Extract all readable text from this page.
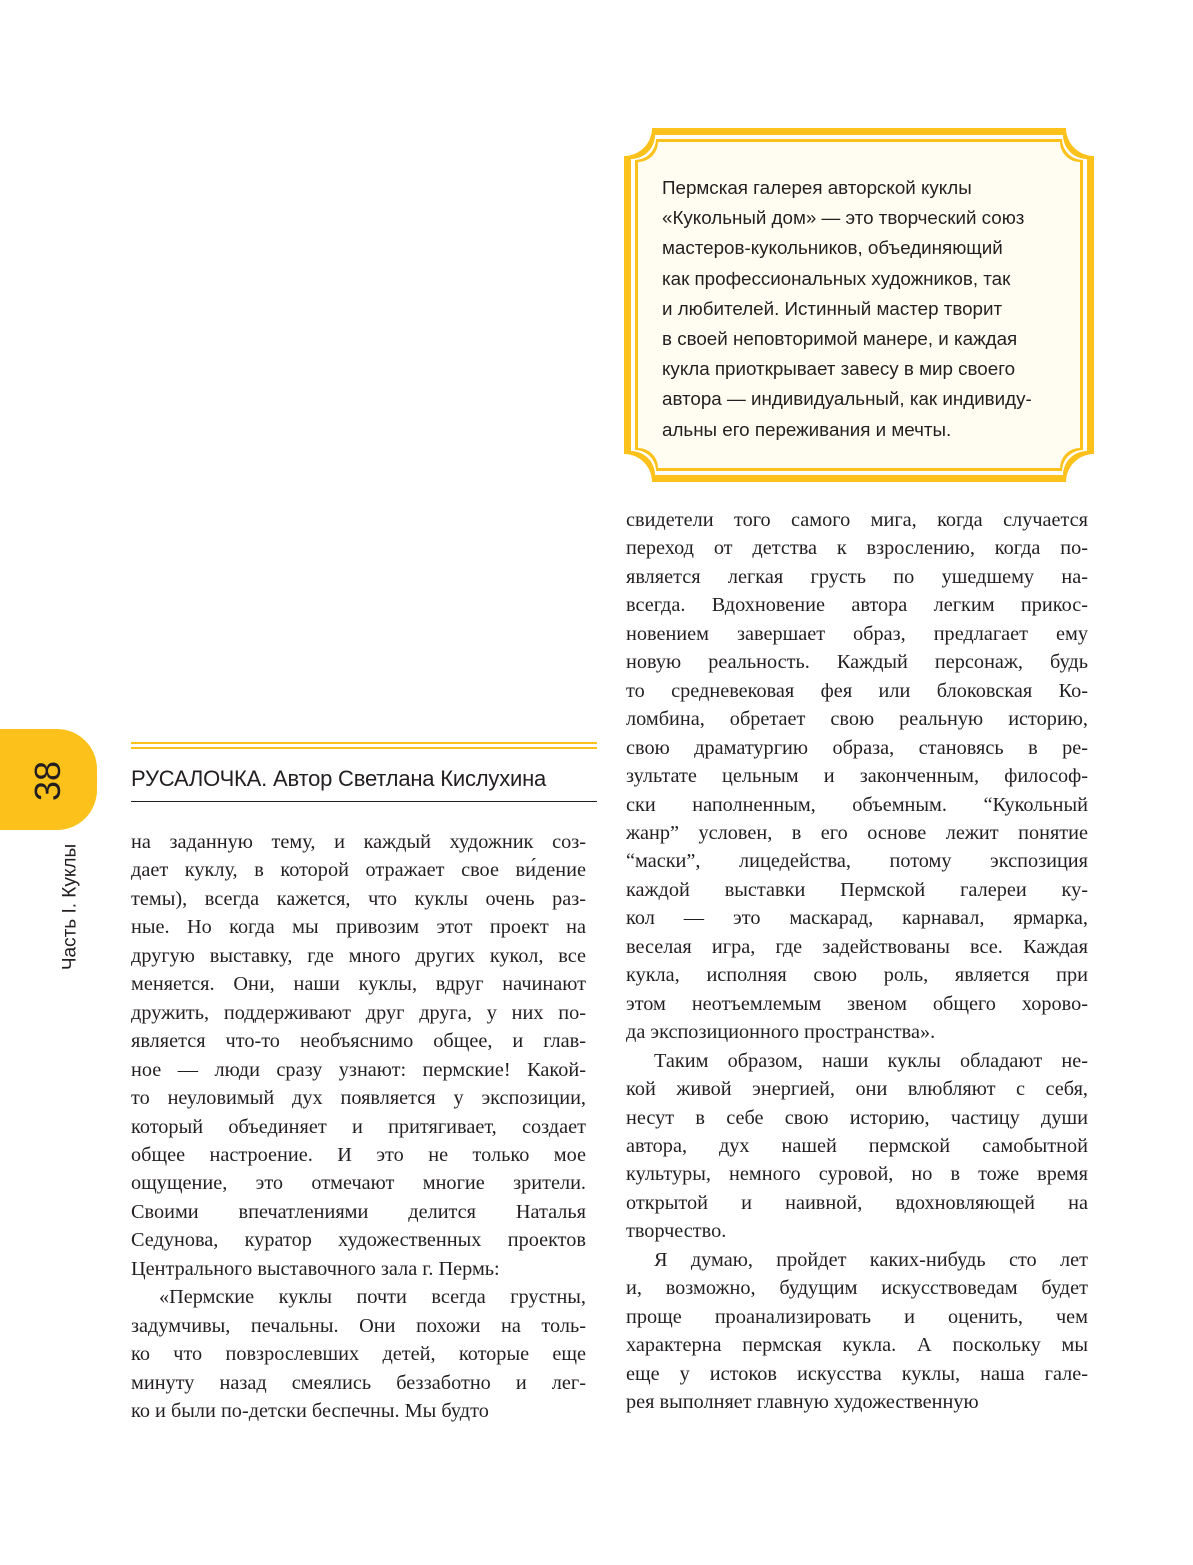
Пермская галерея авторской куклы
«Кукольный дом» — это творческий союз
мастеров-кукольников, объединяющий
как профессиональных художников, так
и любителей. Истинный мастер творит
в своей неповторимой манере, и каждая
кукла приоткрывает завесу в мир своего
автора — индивидуальный, как индивиду-
альны его переживания и мечты.
38
Часть I. Куклы
РУСАЛОЧКА. Автор Светлана Кислухина
на заданную тему, и каждый художник соз-
дает куклу, в которой отражает свое ви́дение
темы), всегда кажется, что куклы очень раз-
ные. Но когда мы привозим этот проект на
другую выставку, где много других кукол, все
меняется. Они, наши куклы, вдруг начинают
дружить, поддерживают друг друга, у них по-
является что-то необъяснимо общее, и глав-
ное — люди сразу узнают: пермские! Какой-
то неуловимый дух появляется у экспозиции,
который объединяет и притягивает, создает
общее настроение. И это не только мое
ощущение, это отмечают многие зрители.
Своими впечатлениями делится Наталья
Седунова, куратор художественных проектов
Центрального выставочного зала г. Пермь:
«Пермские куклы почти всегда грустны,
задумчивы, печальны. Они похожи на толь-
ко что повзрослевших детей, которые еще
минуту назад смеялись беззаботно и лег-
ко и были по-детски беспечны. Мы будто
свидетели того самого мига, когда случается
переход от детства к взрослению, когда по-
является легкая грусть по ушедшему на-
всегда. Вдохновение автора легким прикос-
новением завершает образ, предлагает ему
новую реальность. Каждый персонаж, будь
то средневековая фея или блоковская Ко-
ломбина, обретает свою реальную историю,
свою драматургию образа, становясь в ре-
зультате цельным и законченным, философ-
ски наполненным, объемным. “Кукольный
жанр” условен, в его основе лежит понятие
“маски”, лицедейства, потому экспозиция
каждой выставки Пермской галереи ку-
кол — это маскарад, карнавал, ярмарка,
веселая игра, где задействованы все. Каждая
кукла, исполняя свою роль, является при
этом неотъемлемым звеном общего хорово-
да экспозиционного пространства».
Таким образом, наши куклы обладают не-
кой живой энергией, они влюбляют с себя,
несут в себе свою историю, частицу души
автора, дух нашей пермской самобытной
культуры, немного суровой, но в тоже время
открытой и наивной, вдохновляющей на
творчество.
Я думаю, пройдет каких-нибудь сто лет
и, возможно, будущим искусствоведам будет
проще проанализировать и оценить, чем
характерна пермская кукла. А поскольку мы
еще у истоков искусства куклы, наша гале-
рея выполняет главную художественную
